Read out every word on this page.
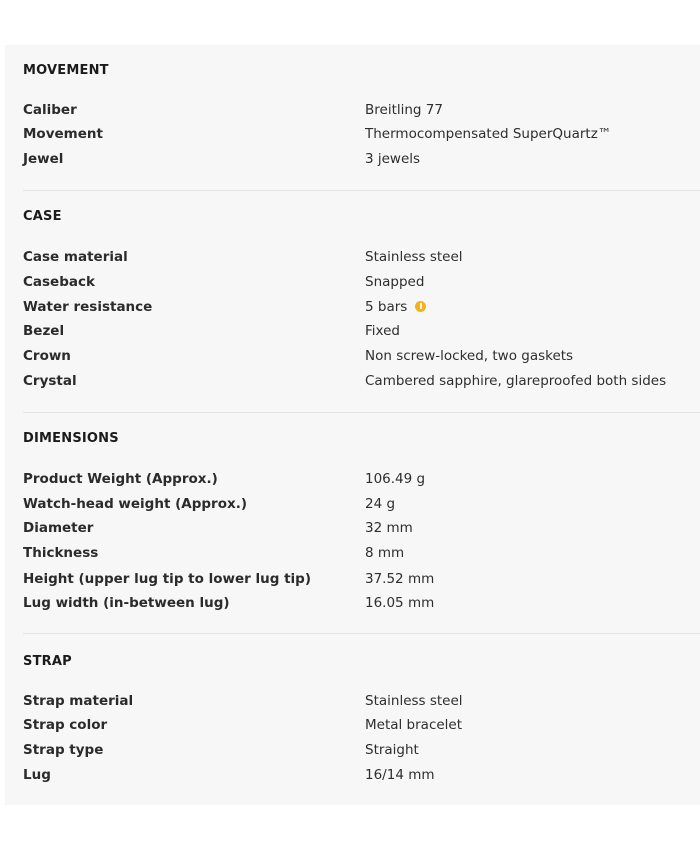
MOVEMENT
Caliber	Breitling 77
Movement	Thermocompensated SuperQuartz™
Jewel	3 jewels
CASE
Case material	Stainless steel
Caseback	Snapped
Water resistance	5 bars
Bezel	Fixed
Crown	Non screw-locked, two gaskets
Crystal	Cambered sapphire, glareproofed both sides
DIMENSIONS
Product Weight (Approx.)	106.49 g
Watch-head weight (Approx.)	24 g
Diameter	32 mm
Thickness	8 mm
Height (upper lug tip to lower lug tip)	37.52 mm
Lug width (in-between lug)	16.05 mm
STRAP
Strap material	Stainless steel
Strap color	Metal bracelet
Strap type	Straight
Lug	16/14 mm
